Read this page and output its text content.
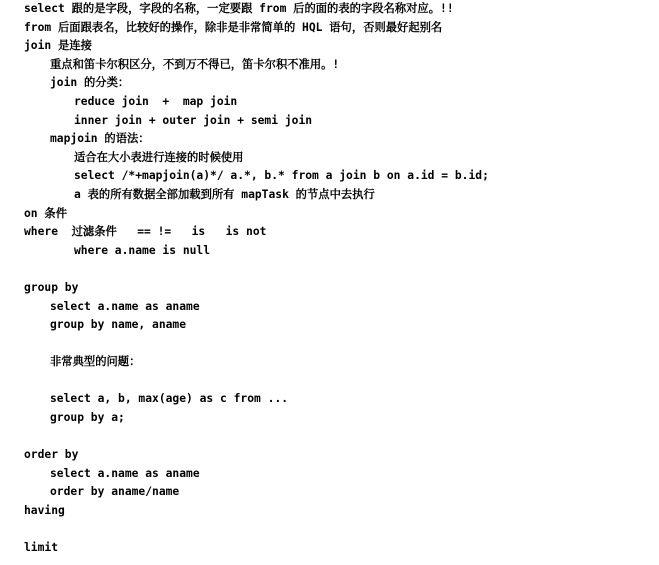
select 跟的是字段，字段的名称，一定要跟 from 后的面的表的字段名称对应。!!
from 后面跟表名，比较好的操作，除非是非常简单的 HQL 语句，否则最好起别名
join 是连接
重点和笛卡尔积区分，不到万不得已，笛卡尔积不准用。!
join 的分类：
reduce join  +  map join
inner join + outer join + semi join
mapjoin 的语法：
适合在大小表进行连接的时候使用
select /*+mapjoin(a)*/ a.*, b.* from a join b on a.id = b.id;
a 表的所有数据全部加载到所有 mapTask 的节点中去执行
on 条件
where  过滤条件   == !=   is   is not
where a.name is null
group by
select a.name as aname
group by name, aname
非常典型的问题：
select a, b, max(age) as c from ...
group by a;
order by
select a.name as aname
order by aname/name
having
limit
